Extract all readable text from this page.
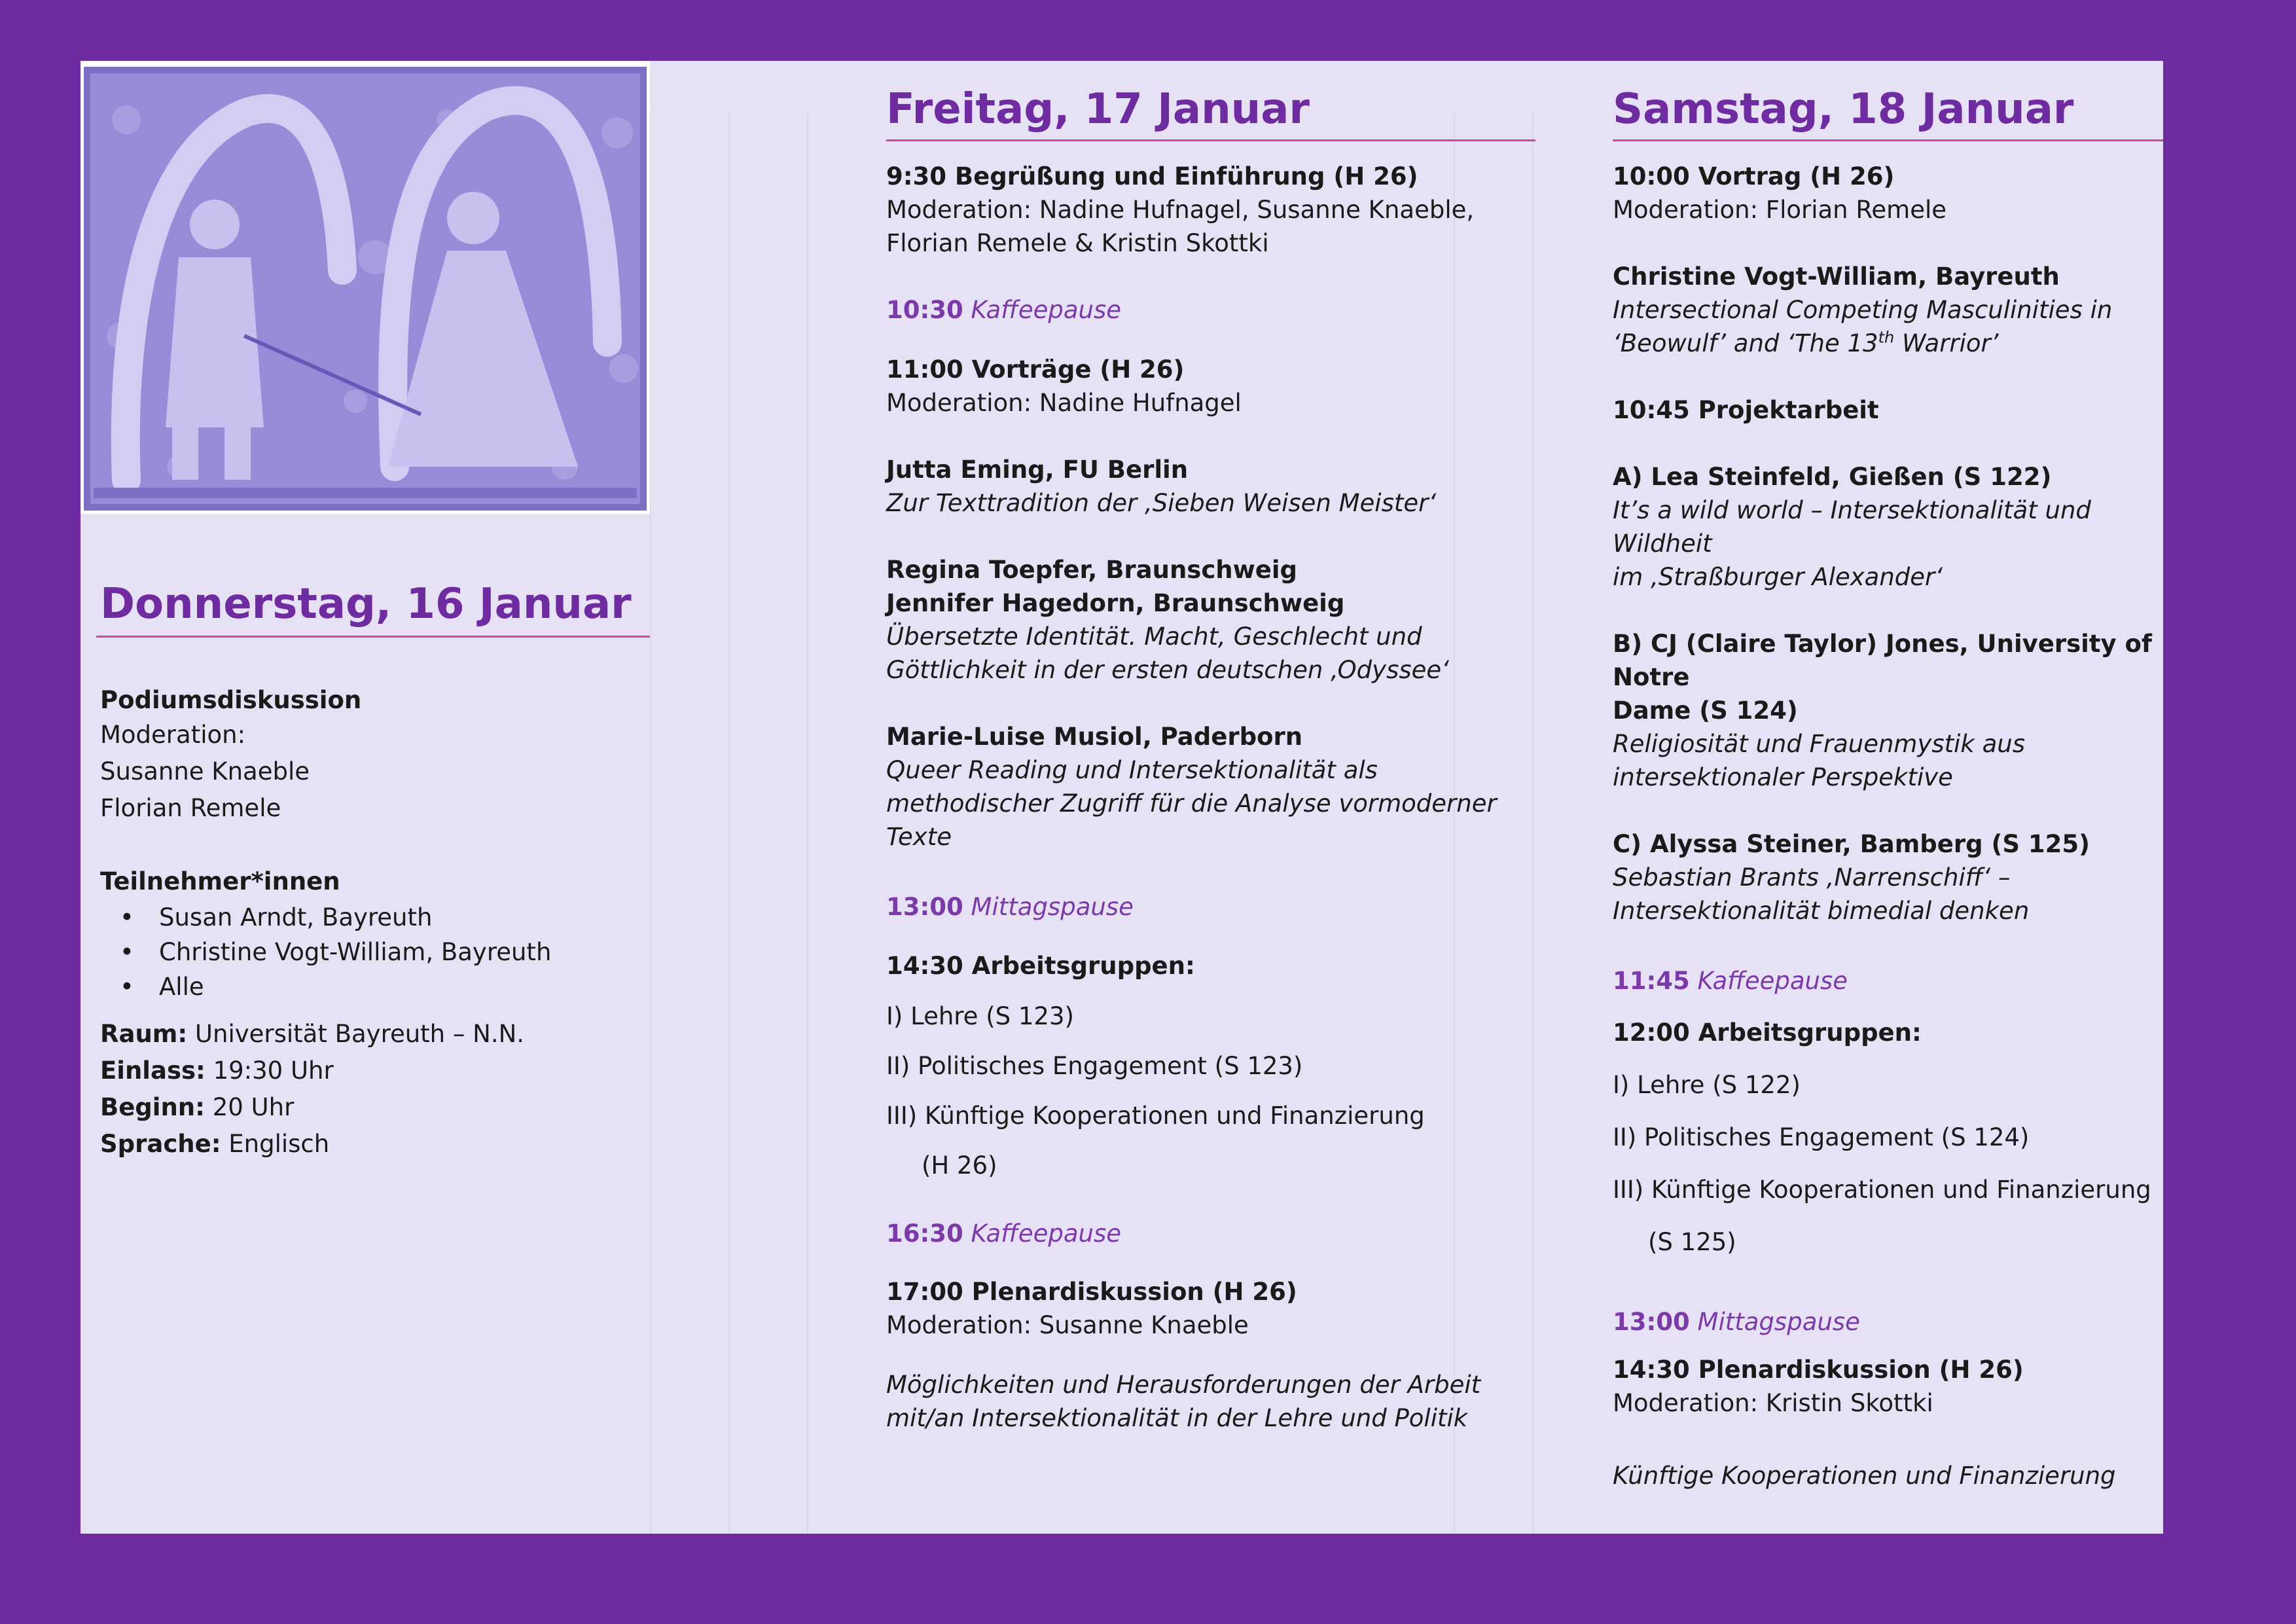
Donnerstag, 16 Januar

Podiumsdiskussion

Moderation:

Susanne Knaeble

Florian Remele

Teilnehmer*innen

• Susan Arndt, Bayreuth
• Christine Vogt-William, Bayreuth
• Alle

Raum: Universität Bayreuth – N.N.

Einlass: 19:30 Uhr

Beginn: 20 Uhr

Sprache: Englisch

Freitag, 17 Januar

9:30 Begrüßung und Einführung (H 26)

Moderation: Nadine Hufnagel, Susanne Knaeble,

Florian Remele & Kristin Skottki

10:30 Kaffeepause

11:00 Vorträge (H 26)

Moderation: Nadine Hufnagel

Jutta Eming, FU Berlin

Zur Texttradition der ‚Sieben Weisen Meister‘

Regina Toepfer, Braunschweig

Jennifer Hagedorn, Braunschweig

Übersetzte Identität. Macht, Geschlecht und

Göttlichkeit in der ersten deutschen ‚Odyssee‘

Marie-Luise Musiol, Paderborn

Queer Reading und Intersektionalität als

methodischer Zugriff für die Analyse vormoderner

Texte

13:00 Mittagspause

14:30 Arbeitsgruppen:

I) Lehre (S 123)

II) Politisches Engagement (S 123)

III) Künftige Kooperationen und Finanzierung

(H 26)

16:30 Kaffeepause

17:00 Plenardiskussion (H 26)

Moderation: Susanne Knaeble

Möglichkeiten und Herausforderungen der Arbeit

mit/an Intersektionalität in der Lehre und Politik

Samstag, 18 Januar

10:00 Vortrag (H 26)

Moderation: Florian Remele

Christine Vogt-William, Bayreuth

Intersectional Competing Masculinities in

‘Beowulf’ and ‘The 13th Warrior’

10:45 Projektarbeit

A) Lea Steinfeld, Gießen (S 122)

It’s a wild world – Intersektionalität und Wildheit

im ‚Straßburger Alexander‘

B) CJ (Claire Taylor) Jones, University of Notre

Dame (S 124)

Religiosität und Frauenmystik aus

intersektionaler Perspektive

C) Alyssa Steiner, Bamberg (S 125)

Sebastian Brants ‚Narrenschiff‘ –

Intersektionalität bimedial denken

11:45 Kaffeepause

12:00 Arbeitsgruppen:

I) Lehre (S 122)

II) Politisches Engagement (S 124)

III) Künftige Kooperationen und Finanzierung

(S 125)

13:00 Mittagspause

14:30 Plenardiskussion (H 26)

Moderation: Kristin Skottki

Künftige Kooperationen und Finanzierung
